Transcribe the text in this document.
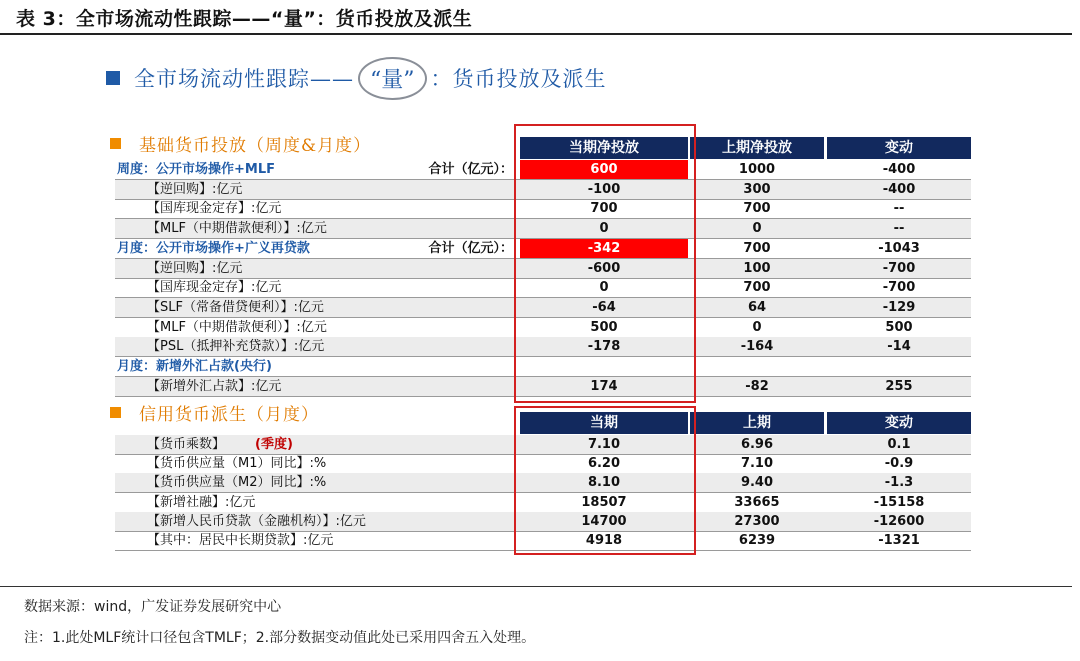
表 3：全市场流动性跟踪——“量”：货币投放及派生
全市场流动性跟踪—— “量” ：货币投放及派生
基础货币投放（周度&月度）	当期净投放	上期净投放	变动
周度：公开市场操作+MLF	合计（亿元）：	600	1000	-400
【逆回购】:亿元	-100	300	-400
【国库现金定存】:亿元	700	700	--
【MLF（中期借款便利）】:亿元	0	0	--
月度：公开市场操作+广义再贷款	合计（亿元）：	-342	700	-1043
【逆回购】:亿元	-600	100	-700
【国库现金定存】:亿元	0	700	-700
【SLF（常备借贷便利）】:亿元	-64	64	-129
【MLF（中期借款便利）】:亿元	500	0	500
【PSL（抵押补充贷款）】:亿元	-178	-164	-14
月度：新增外汇占款(央行)
【新增外汇占款】:亿元	174	-82	255
信用货币派生（月度）	当期	上期	变动
【货币乘数】 (季度)	7.10	6.96	0.1
【货币供应量（M1）同比】:%	6.20	7.10	-0.9
【货币供应量（M2）同比】:%	8.10	9.40	-1.3
【新增社融】:亿元	18507	33665	-15158
【新增人民币贷款（金融机构）】:亿元	14700	27300	-12600
【其中：居民中长期贷款】:亿元	4918	6239	-1321
数据来源：wind，广发证券发展研究中心
注：1.此处MLF统计口径包含TMLF；2.部分数据变动值此处已采用四舍五入处理。
